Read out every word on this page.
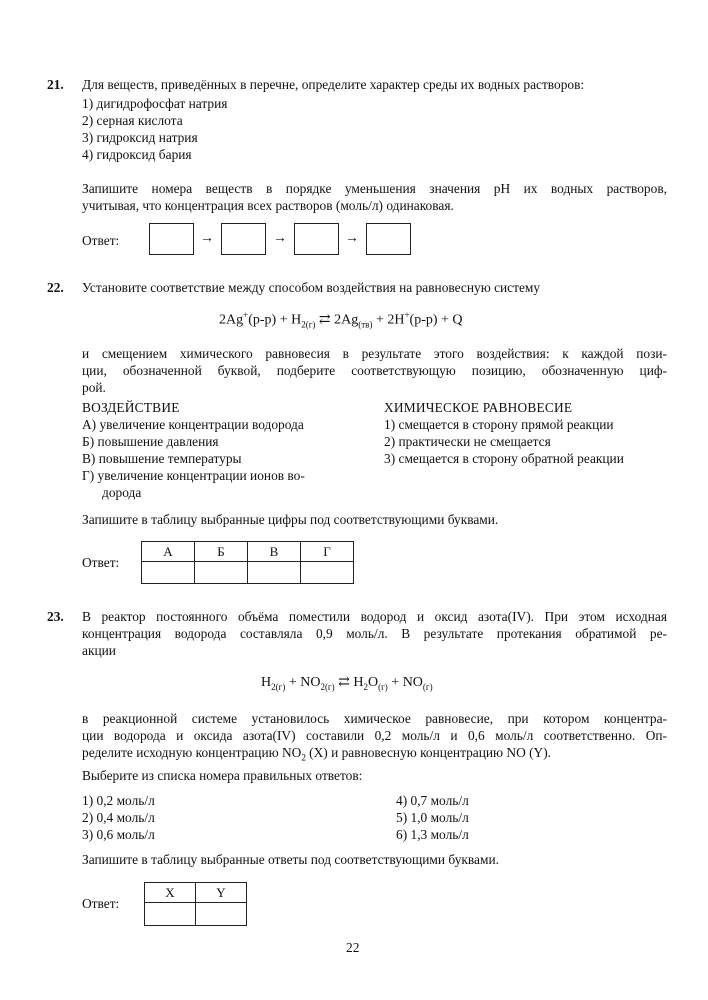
21. Для веществ, приведённых в перечне, определите характер среды их водных растворов:
1) дигидрофосфат натрия
2) серная кислота
3) гидроксид натрия
4) гидроксид бария
Запишите номера веществ в порядке уменьшения значения рН их водных растворов,
учитывая, что концентрация всех растворов (моль/л) одинаковая.
Ответ:	→	→	→
22. Установите соответствие между способом воздействия на равновесную систему
$2Ag^+(р-р) + H_{2(г)}$ ⇄ $2Ag_{(тв)} + 2H^+(р-р) + Q$
и смещением химического равновесия в результате этого воздействия: к каждой пози-
ции, обозначенной буквой, подберите соответствующую позицию, обозначенную циф-
рой.
ВОЗДЕЙСТВИЕ	ХИМИЧЕСКОЕ РАВНОВЕСИЕ
А) увеличение концентрации водорода
Б) повышение давления
В) повышение температуры
Г) увеличение концентрации ионов во-
дорода
1) смещается в сторону прямой реакции
2) практически не смещается
3) смещается в сторону обратной реакции
Запишите в таблицу выбранные цифры под соответствующими буквами.
Ответ:
А	Б	В	Г

23. В реактор постоянного объёма поместили водород и оксид азота(IV). При этом исходная
концентрация водорода составляла 0,9 моль/л. В результате протекания обратимой ре-
акции
$H_{2(г)} + NO_{2(г)}$ ⇄ $H_2O_{(г)} + NO_{(г)}$
в реакционной системе установилось химическое равновесие, при котором концентра-
ции водорода и оксида азота(IV) составили 0,2 моль/л и 0,6 моль/л соответственно. Оп-
ределите исходную концентрацию $NO_2$ (X) и равновесную концентрацию NO (Y).
Выберите из списка номера правильных ответов:
1) 0,2 моль/л
2) 0,4 моль/л
3) 0,6 моль/л
4) 0,7 моль/л
5) 1,0 моль/л
6) 1,3 моль/л
Запишите в таблицу выбранные ответы под соответствующими буквами.
Ответ:
X	Y

22
